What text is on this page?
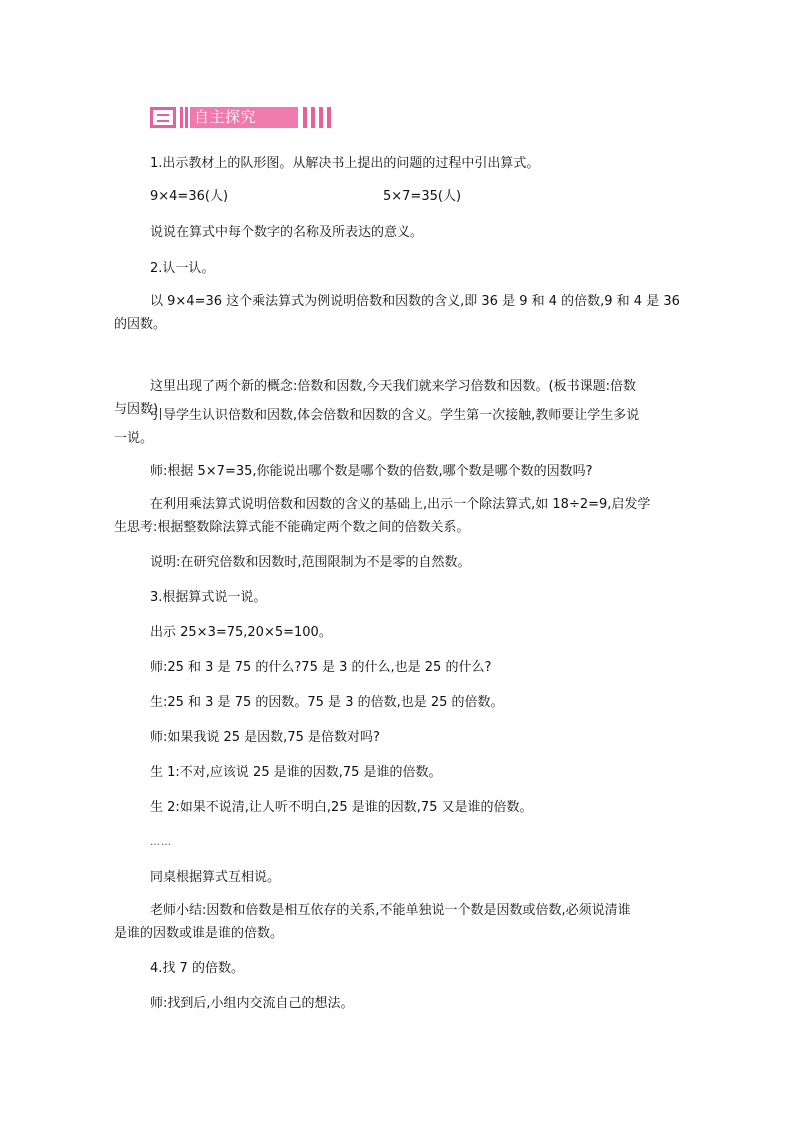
自主探究

1.出示教材上的队形图。从解决书上提出的问题的过程中引出算式。

9×4=36(人)	5×7=35(人)

说说在算式中每个数字的名称及所表达的意义。

2.认一认。

以 9×4=36 这个乘法算式为例说明倍数和因数的含义,即 36 是 9 和 4 的倍数,9 和 4 是 36
的因数。
这里出现了两个新的概念:倍数和因数,今天我们就来学习倍数和因数。(板书课题:倍数
与因数)
引导学生认识倍数和因数,体会倍数和因数的含义。学生第一次接触,教师要让学生多说
一说。

师:根据 5×7=35,你能说出哪个数是哪个数的倍数,哪个数是哪个数的因数吗?

在利用乘法算式说明倍数和因数的含义的基础上,出示一个除法算式,如 18÷2=9,启发学
生思考:根据整数除法算式能不能确定两个数之间的倍数关系。

说明:在研究倍数和因数时,范围限制为不是零的自然数。

3.根据算式说一说。

出示 25×3=75,20×5=100。

师:25 和 3 是 75 的什么?75 是 3 的什么,也是 25 的什么?

生:25 和 3 是 75 的因数。75 是 3 的倍数,也是 25 的倍数。

师:如果我说 25 是因数,75 是倍数对吗?

生 1:不对,应该说 25 是谁的因数,75 是谁的倍数。

生 2:如果不说清,让人听不明白,25 是谁的因数,75 又是谁的倍数。

……

同桌根据算式互相说。

老师小结:因数和倍数是相互依存的关系,不能单独说一个数是因数或倍数,必须说清谁
是谁的因数或谁是谁的倍数。

4.找 7 的倍数。

师:找到后,小组内交流自己的想法。
